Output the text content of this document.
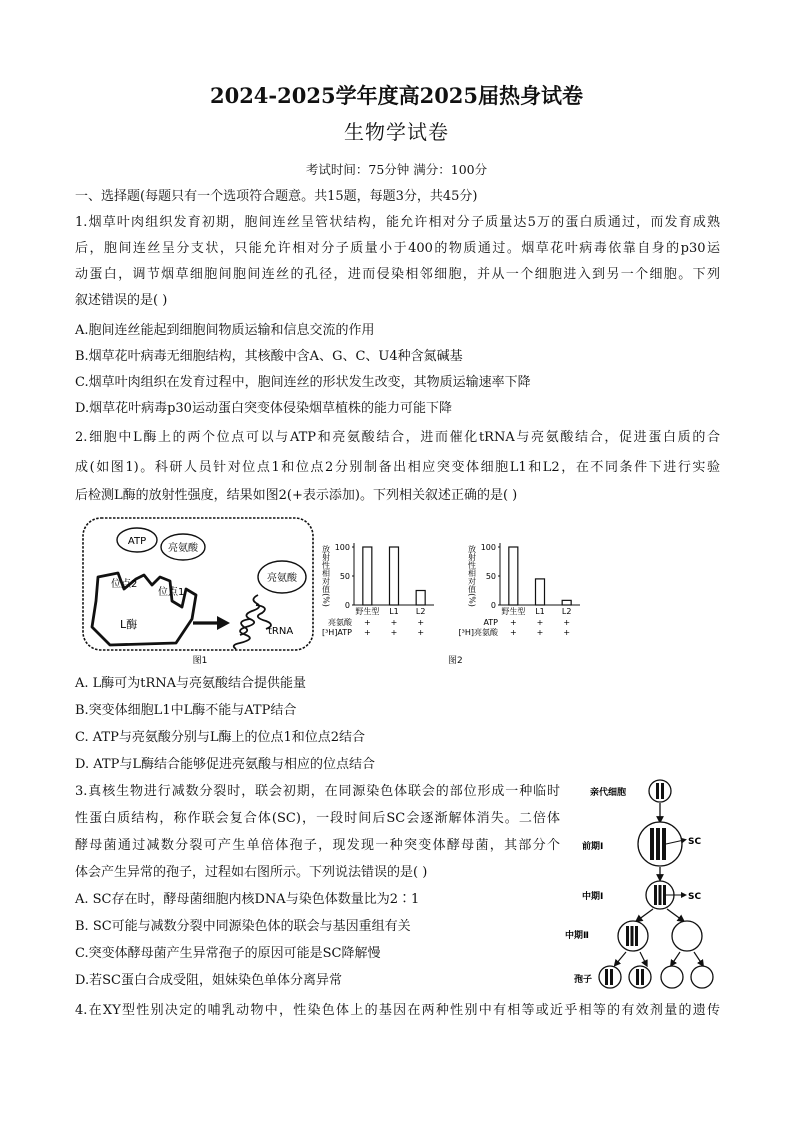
2024-2025学年度高2025届热身试卷
生物学试卷
考试时间：75分钟 满分：100分
一、选择题(每题只有一个选项符合题意。共15题，每题3分，共45分)
1.烟草叶肉组织发育初期，胞间连丝呈管状结构，能允许相对分子质量达5万的蛋白质通过，而发育成熟
后，胞间连丝呈分支状，只能允许相对分子质量小于400的物质通过。烟草花叶病毒依靠自身的p30运
动蛋白，调节烟草细胞间胞间连丝的孔径，进而侵染相邻细胞，并从一个细胞进入到另一个细胞。下列
叙述错误的是( )
A.胞间连丝能起到细胞间物质运输和信息交流的作用
B.烟草花叶病毒无细胞结构，其核酸中含A、G、C、U4种含氮碱基
C.烟草叶肉组织在发育过程中，胞间连丝的形状发生改变，其物质运输速率下降
D.烟草花叶病毒p30运动蛋白突变体侵染烟草植株的能力可能下降
2.细胞中L酶上的两个位点可以与ATP和亮氨酸结合，进而催化tRNA与亮氨酸结合，促进蛋白质的合
成(如图1)。科研人员针对位点1和位点2分别制备出相应突变体细胞L1和L2，在不同条件下进行实验
后检测L酶的放射性强度，结果如图2(+表示添加)。下列相关叙述正确的是( )
ATP
亮氨酸
位点2
位点1
L酶
亮氨酸
tRNA
图1
放射性相对值(%) 0
50
100
野生型 L1 L2
亮氨酸 + + +
[³H]ATP + + +
放射性相对值(%) 0
50
100
野生型 L1 L2
ATP + + +
[³H]亮氨酸 + + +
图2
A. L酶可为tRNA与亮氨酸结合提供能量
B.突变体细胞L1中L酶不能与ATP结合
C. ATP与亮氨酸分别与L酶上的位点1和位点2结合
D. ATP与L酶结合能够促进亮氨酸与相应的位点结合
3.真核生物进行减数分裂时，联会初期，在同源染色体联会的部位形成一种临时
性蛋白质结构，称作联会复合体(SC)，一段时间后SC会逐渐解体消失。二倍体
酵母菌通过减数分裂可产生单倍体孢子，现发现一种突变体酵母菌，其部分个
体会产生异常的孢子，过程如右图所示。下列说法错误的是( )
A. SC存在时，酵母菌细胞内核DNA与染色体数量比为2∶1
B. SC可能与减数分裂中同源染色体的联会与基因重组有关
C.突变体酵母菌产生异常孢子的原因可能是SC降解慢
D.若SC蛋白合成受阻，姐妹染色单体分离异常
亲代细胞
前期Ⅰ	SC
中期Ⅰ	SC
中期Ⅱ
孢子
4.在XY型性别决定的哺乳动物中，性染色体上的基因在两种性别中有相等或近乎相等的有效剂量的遗传
